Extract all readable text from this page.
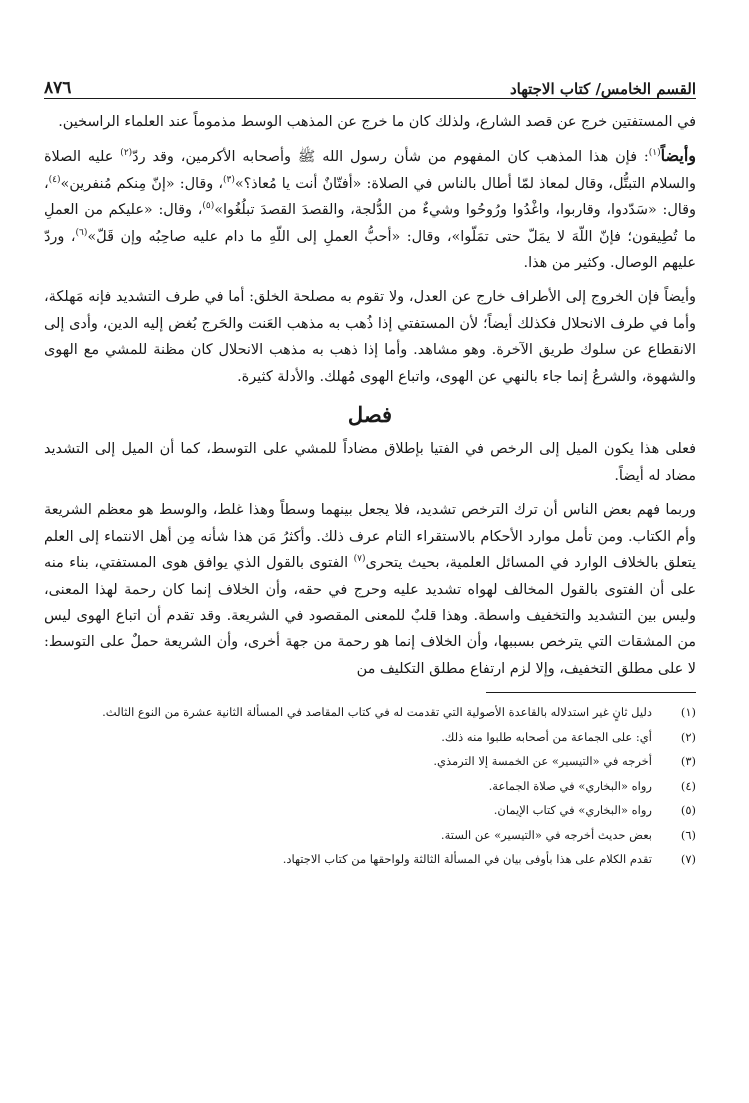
القسم الخامس/ كتاب الاجتهاد
٨٧٦

في المستفتين خرج عن قصد الشارع، ولذلك كان ما خرج عن المذهب الوسط مذموماً عند العلماء الراسخين.

وأيضاً$^{(١)}$: فإن هذا المذهب كان المفهوم من شأن رسول الله ﷺ وأصحابه الأكرمين، وقد ردّ$^{(٢)}$ عليه الصلاة والسلام التبتُّل، وقال لمعاذ لمّا أطال بالناس في الصلاة: «أفتّانٌ أنت يا مُعاذ؟»$^{(٣)}$، وقال: «إنّ مِنكم مُنفرين»$^{(٤)}$، وقال: «سَدّدوا، وقاربوا، واغْدُوا ورُوحُوا وشيءٌ من الدُّلجة، والقصدَ القصدَ تبلُغُوا»$^{(٥)}$، وقال: «عليكم من العملِ ما تُطِيقون؛ فإنّ اللّهَ لا يمَلّ حتى تمَلّوا»، وقال: «أحبُّ العملِ إلى اللّهِ ما دام عليه صاحِبُه وإن قَلّ»$^{(٦)}$، وردّ عليهم الوصال. وكثير من هذا.

وأيضاً فإن الخروج إلى الأطراف خارج عن العدل، ولا تقوم به مصلحة الخلق: أما في طرف التشديد فإنه مَهلكة، وأما في طرف الانحلال فكذلك أيضاً؛ لأن المستفتي إذا ذُهب به مذهب العَنت والحَرج بُغض إليه الدين، وأدى إلى الانقطاع عن سلوك طريق الآخرة. وهو مشاهد. وأما إذا ذهب به مذهب الانحلال كان مظنة للمشي مع الهوى والشهوة، والشرعُ إنما جاء بالنهي عن الهوى، واتباع الهوى مُهلك. والأدلة كثيرة.

فصل

فعلى هذا يكون الميل إلى الرخص في الفتيا بإطلاق مضاداً للمشي على التوسط، كما أن الميل إلى التشديد مضاد له أيضاً.

وربما فهم بعض الناس أن ترك الترخص تشديد، فلا يجعل بينهما وسطاً وهذا غلط، والوسط هو معظم الشريعة وأم الكتاب. ومن تأمل موارد الأحكام بالاستقراء التام عرف ذلك. وأكثرُ مَن هذا شأنه مِن أهل الانتماء إلى العلم يتعلق بالخلاف الوارد في المسائل العلمية، بحيث يتحرى$^{(٧)}$ الفتوى بالقول الذي يوافق هوى المستفتي، بناء منه على أن الفتوى بالقول المخالف لهواه تشديد عليه وحرج في حقه، وأن الخلاف إنما كان رحمة لهذا المعنى، وليس بين التشديد والتخفيف واسطة. وهذا قلبٌ للمعنى المقصود في الشريعة. وقد تقدم أن اتباع الهوى ليس من المشقات التي يترخص بسببها، وأن الخلاف إنما هو رحمة من جهة أخرى، وأن الشريعة حملٌ على التوسط: لا على مطلق التخفيف، وإلا لزم ارتفاع مطلق التكليف من

(١)
دليل ثانٍ غير استدلاله بالقاعدة الأصولية التي تقدمت له في كتاب المقاصد في المسألة الثانية عشرة من النوع الثالث.
(٢)
أي: على الجماعة من أصحابه طلبوا منه ذلك.
(٣)
أخرجه في «التيسير» عن الخمسة إلا الترمذي.
(٤)
رواه «البخاري» في صلاة الجماعة.
(٥)
رواه «البخاري» في كتاب الإيمان.
(٦)
بعض حديث أخرجه في «التيسير» عن الستة.
(٧)
تقدم الكلام على هذا بأوفى بيان في المسألة الثالثة ولواحقها من كتاب الاجتهاد.
